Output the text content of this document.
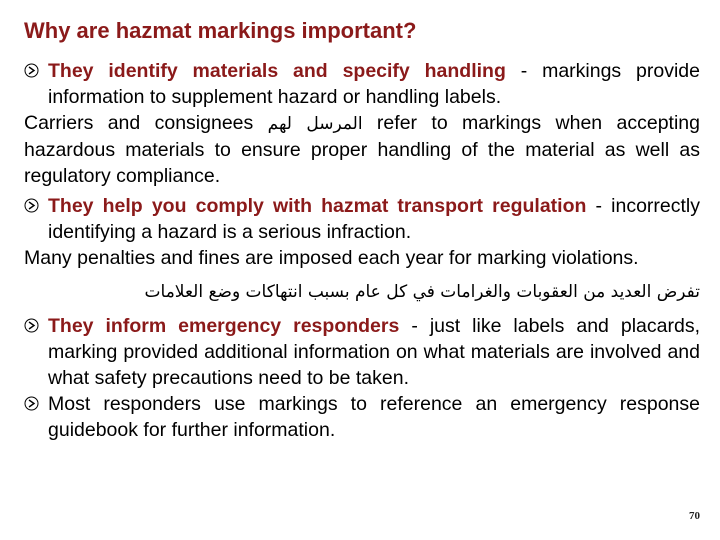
Why are hazmat markings important?
They identify materials and specify handling - markings provide information to supplement hazard or handling labels.
Carriers and consignees المرسل لهم refer to markings when accepting hazardous materials to ensure proper handling of the material as well as regulatory compliance.
They help you comply with hazmat transport regulation - incorrectly identifying a hazard is a serious infraction.
Many penalties and fines are imposed each year for marking violations.
تفرض العديد من العقوبات والغرامات في كل عام بسبب انتهاكات وضع العلامات
They inform emergency responders - just like labels and placards, marking provided additional information on what materials are involved and what safety precautions need to be taken.
Most responders use markings to reference an emergency response guidebook for further information.
70
